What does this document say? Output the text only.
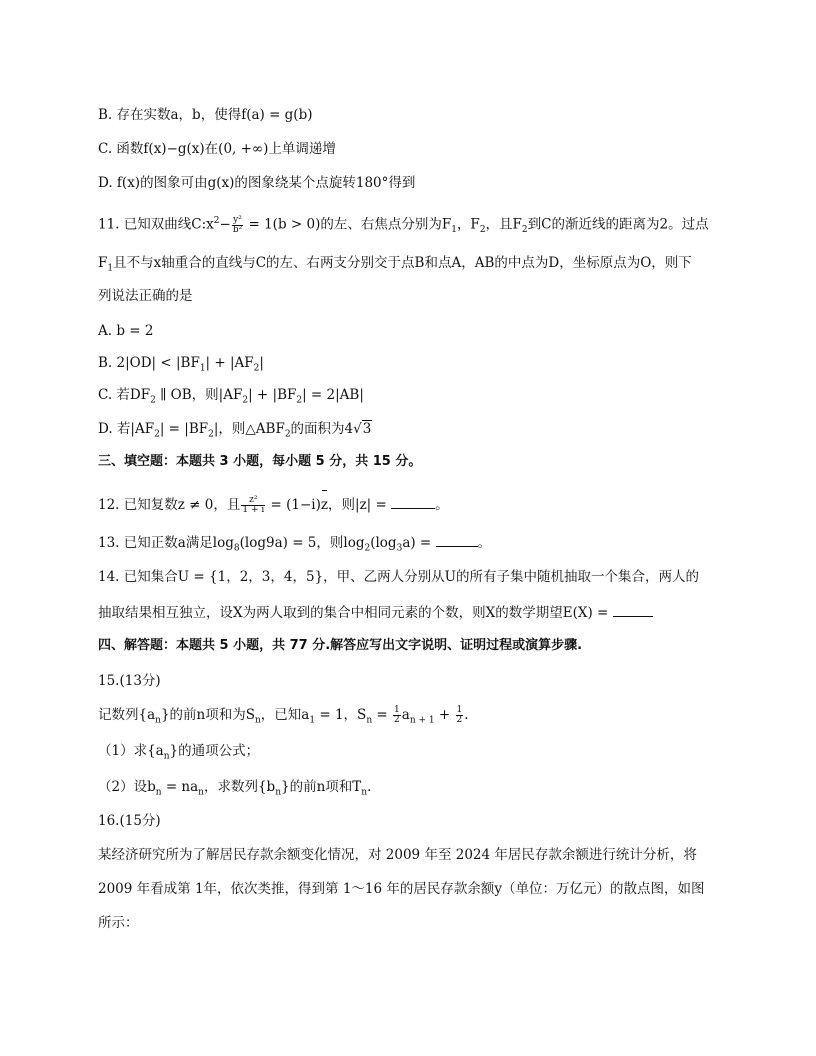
B. 存在实数a，b，使得f(a) = g(b)
C. 函数f(x)−g(x)在(0, +∞)上单调递增
D. f(x)的图象可由g(x)的图象绕某个点旋转180°得到
11. 已知双曲线$C:x^2- \frac{\text{y²}}{\text{b²}} = 1(b > 0)$的左、右焦点分别为$F_1$，$F_2$，且$F_2$到C的渐近线的距离为2。过点
$F_1$且不与x轴重合的直线与C的左、右两支分别交于点B和点A，AB的中点为D，坐标原点为O，则下
列说法正确的是
A. b = 2
B. $2|OD| < |BF_1| + |AF_2|$
C. 若$DF_2$ ∥ OB，则$|AF_2| + |BF_2| = 2|AB|$
D. 若$|AF_2| = |BF_2|$，则$\triangle ABF_2$的面积为4√3
三、填空题：本题共 3 小题，每小题 5 分，共 15 分。
12. 已知复数z ≠ 0，且 $\frac{\text{z²}}{1 + i} = (1-i)z$，则|z| =	。
13. 已知正数a满足$\log_8(\log 9a) = 5$，则$\log_2(\log_3a)$ =	。
14. 已知集合U = {1，2，3，4，5}，甲、乙两人分别从U的所有子集中随机抽取一个集合，两人的
抽取结果相互独立，设X为两人取到的集合中相同元素的个数，则X的数学期望E(X) =
四、解答题：本题共 5 小题，共 77 分.解答应写出文字说明、证明过程或演算步骤.
15.(13分)
记数列$\{a_n\}$的前n项和为$S_n$，已知$a_1 = 1$，$S_n = \frac{1}{2} a_{n + 1} + \frac{1}{2}$ .
（1）求$\{a_n\}$的通项公式；
（2）设$b_n = na_n$，求数列$\{b_n\}$的前n项和$T_n$.
16.(15分)
某经济研究所为了解居民存款余额变化情况，对 2009 年至 2024 年居民存款余额进行统计分析，将
2009 年看成第 1年，依次类推，得到第 1～16 年的居民存款余额y（单位：万亿元）的散点图，如图
所示：
